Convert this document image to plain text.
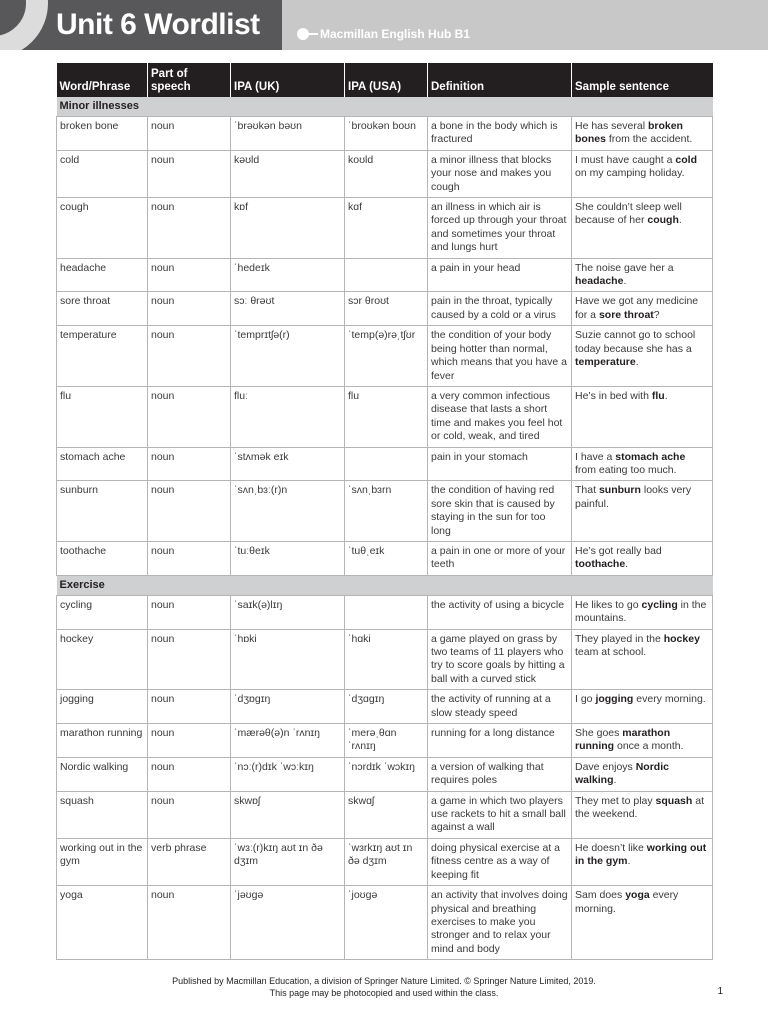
Unit 6 Wordlist	Macmillan English Hub B1
Word/Phrase	Part of speech	IPA (UK)	IPA (USA)	Definition	Sample sentence
Minor illnesses					
broken bone	noun	ˈbrəʊkən bəʊn	ˈbroʊkən boʊn	a bone in the body which is fractured	He has several broken bones from the accident.
cold	noun	kəʊld	koʊld	a minor illness that blocks your nose and makes you cough	I must have caught a cold on my camping holiday.
cough	noun	kɒf	kɑf	an illness in which air is forced up through your throat and sometimes your throat and lungs hurt	She couldn’t sleep well because of her cough.
headache	noun	ˈhedeɪk		a pain in your head	The noise gave her a headache.
sore throat	noun	sɔː θrəʊt	sɔr θroʊt	pain in the throat, typically caused by a cold or a virus	Have we got any medicine for a sore throat?
temperature	noun	ˈtemprɪtʃə(r)	ˈtemp(ə)rəˌtʃʊr	the condition of your body being hotter than normal, which means that you have a fever	Suzie cannot go to school today because she has a temperature.
flu	noun	fluː	flu	a very common infectious disease that lasts a short time and makes you feel hot or cold, weak, and tired	He’s in bed with flu.
stomach ache	noun	ˈstʌmək eɪk		pain in your stomach	I have a stomach ache from eating too much.
sunburn	noun	ˈsʌnˌbɜː(r)n	ˈsʌnˌbɜrn	the condition of having red sore skin that is caused by staying in the sun for too long	That sunburn looks very painful.
toothache	noun	ˈtuːθeɪk	ˈtuθˌeɪk	a pain in one or more of your teeth	He’s got really bad toothache.
Exercise					
cycling	noun	ˈsaɪk(ə)lɪŋ		the activity of using a bicycle	He likes to go cycling in the mountains.
hockey	noun	ˈhɒki	ˈhɑki	a game played on grass by two teams of 11 players who try to score goals by hitting a ball with a curved stick	They played in the hockey team at school.
jogging	noun	ˈdʒɒɡɪŋ	ˈdʒɑɡɪŋ	the activity of running at a slow steady speed	I go jogging every morning.
marathon running	noun	ˈmærəθ(ə)n ˈrʌnɪŋ	ˈmerəˌθɑn ˈrʌnɪŋ	running for a long distance	She goes marathon running once a month.
Nordic walking	noun	ˈnɔː(r)dɪk ˈwɔːkɪŋ	ˈnɔrdɪk ˈwɔkɪŋ	a version of walking that requires poles	Dave enjoys Nordic walking.
squash	noun	skwɒʃ	skwɑʃ	a game in which two players use rackets to hit a small ball against a wall	They met to play squash at the weekend.
working out in the gym	verb phrase	ˈwɜː(r)kɪŋ aʊt ɪn ðə dʒɪm	ˈwɜrkɪŋ aʊt ɪn ðə dʒɪm	doing physical exercise at a fitness centre as a way of keeping fit	He doesn’t like working out in the gym.
yoga	noun	ˈjəʊɡə	ˈjoʊɡə	an activity that involves doing physical and breathing exercises to make you stronger and to relax your mind and body	Sam does yoga every morning.
Published by Macmillan Education, a division of Springer Nature Limited. © Springer Nature Limited, 2019.
This page may be photocopied and used within the class.	1
